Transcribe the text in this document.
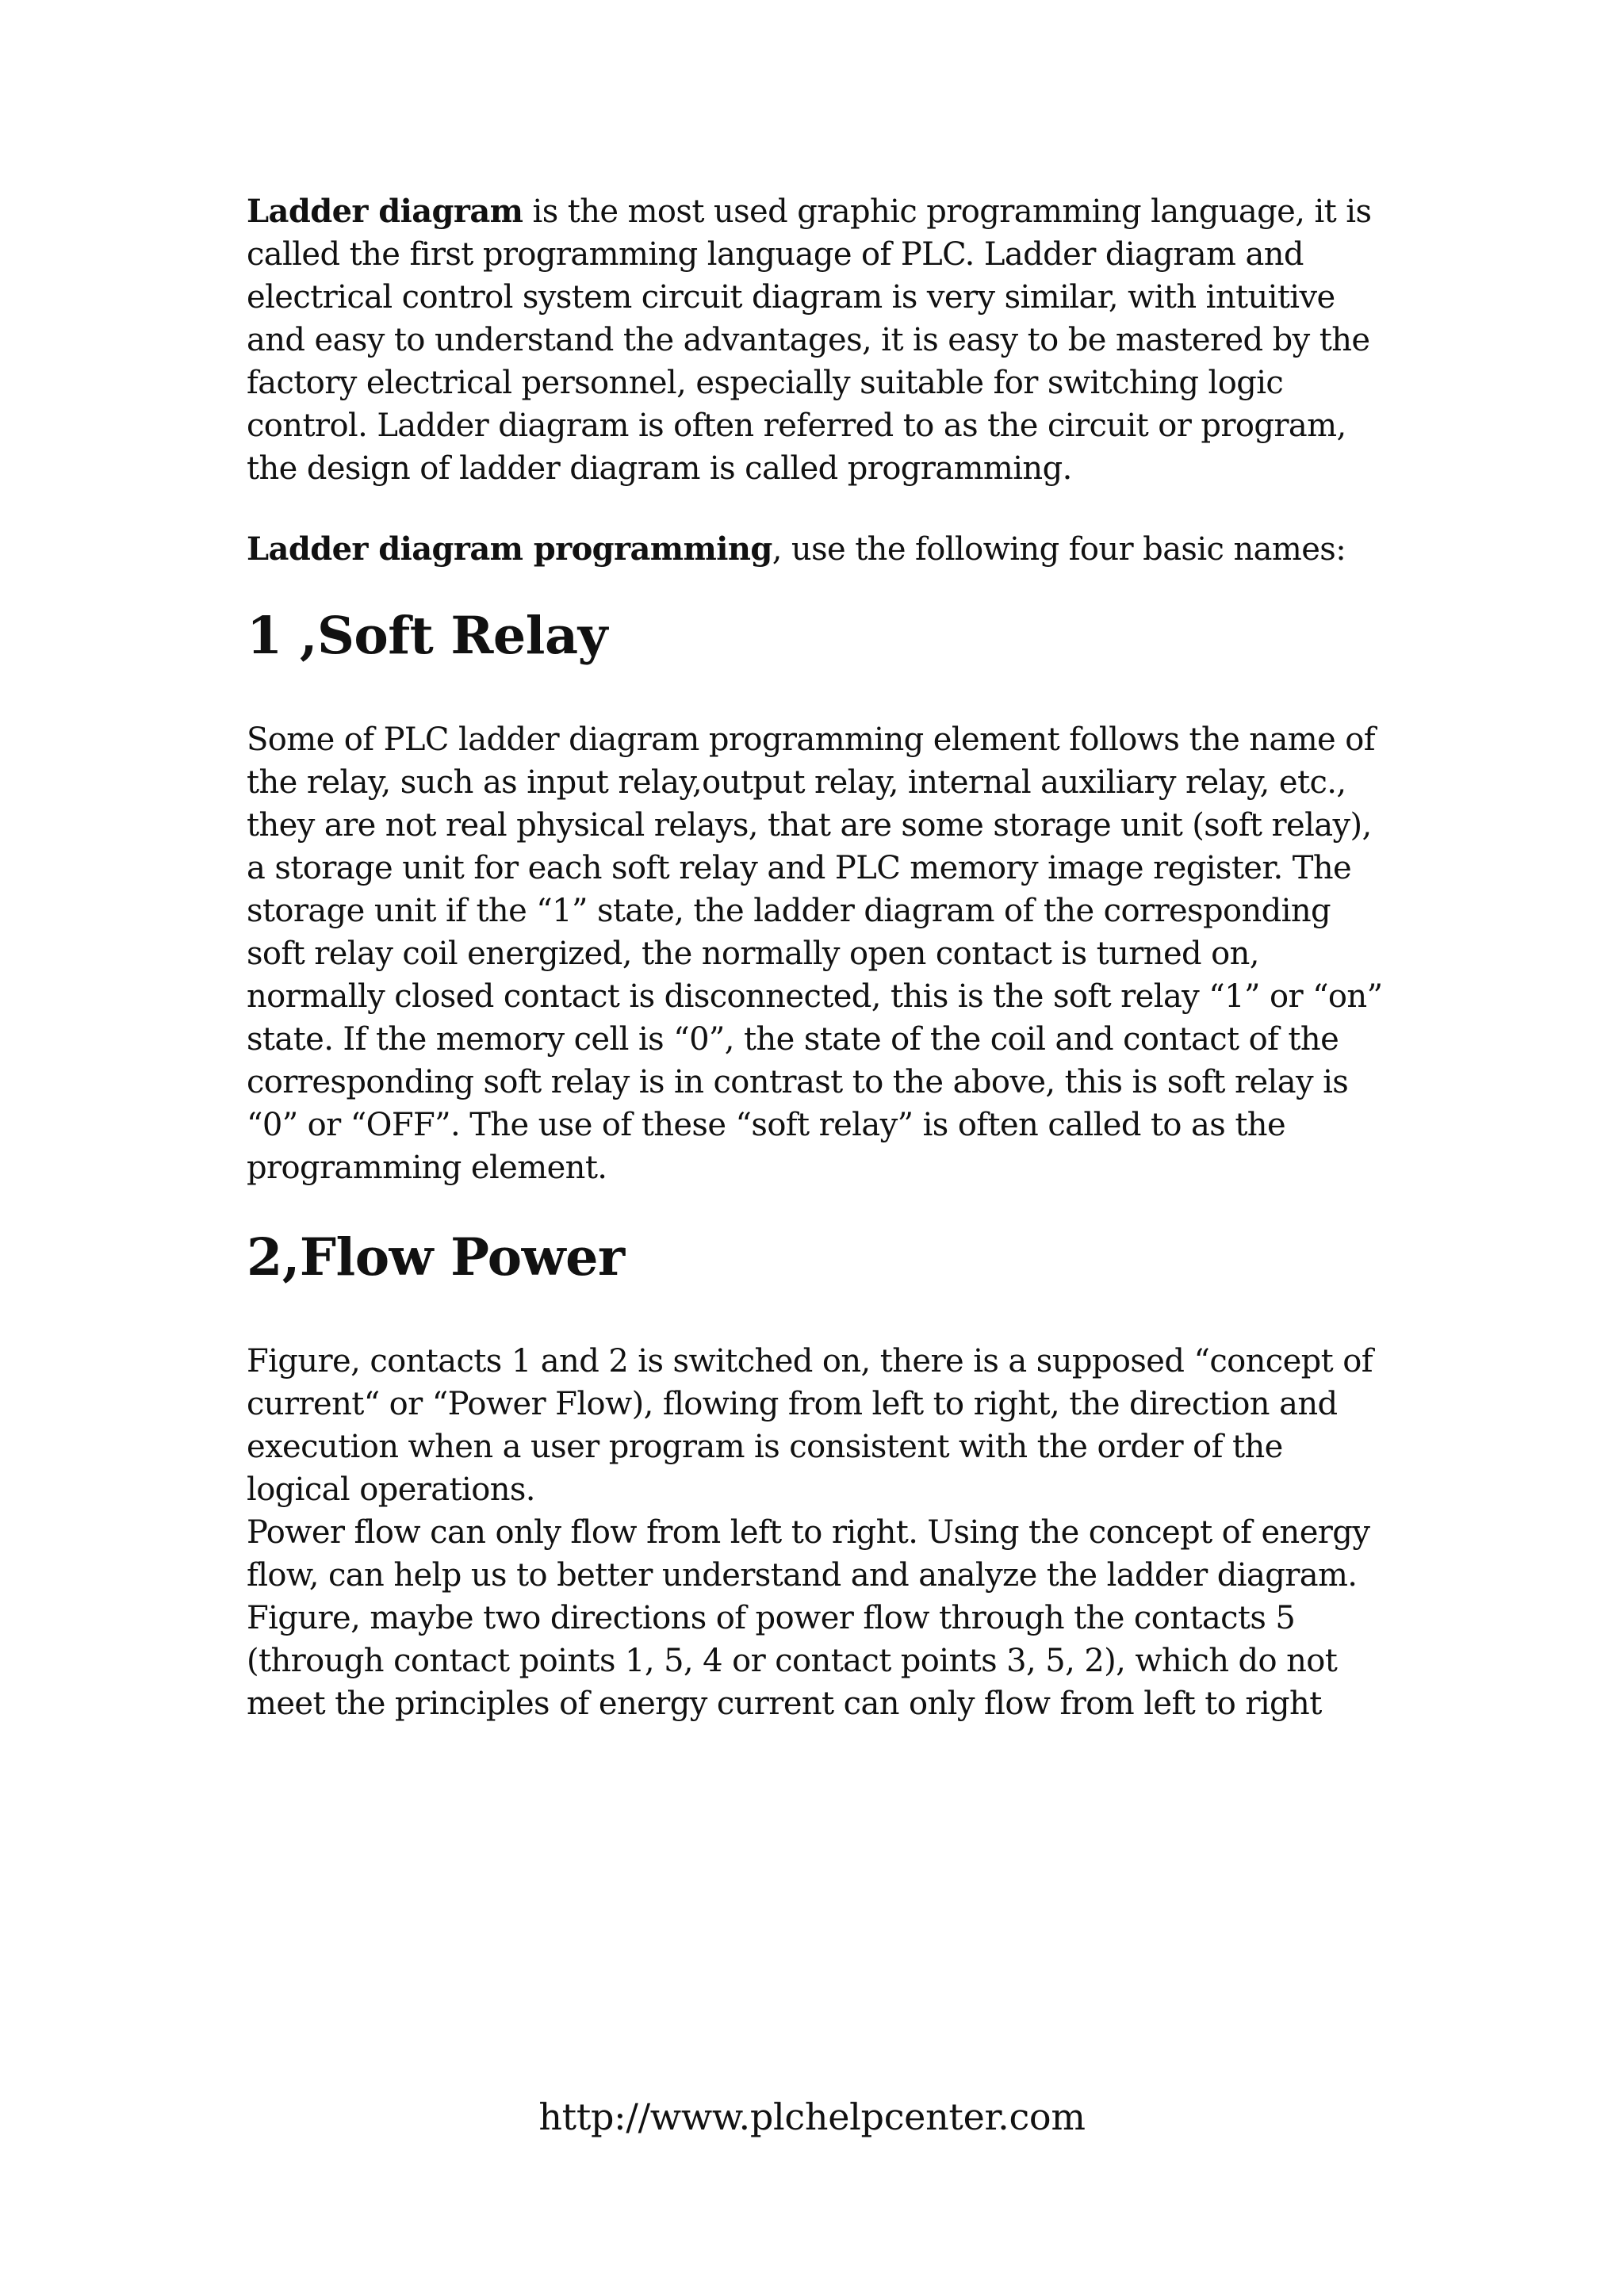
Ladder diagram is the most used graphic programming language, it is called the first programming language of PLC. Ladder diagram and electrical control system circuit diagram is very similar, with intuitive and easy to understand the advantages, it is easy to be mastered by the factory electrical personnel, especially suitable for switching logic control. Ladder diagram is often referred to as the circuit or program, the design of ladder diagram is called programming.

Ladder diagram programming, use the following four basic names:

1 ,Soft Relay

Some of PLC ladder diagram programming element follows the name of the relay, such as input relay,output relay, internal auxiliary relay, etc., they are not real physical relays, that are some storage unit (soft relay), a storage unit for each soft relay and PLC memory image register. The storage unit if the “1” state, the ladder diagram of the corresponding soft relay coil energized, the normally open contact is turned on, normally closed contact is disconnected, this is the soft relay “1” or “on” state. If the memory cell is “0”, the state of the coil and contact of the corresponding soft relay is in contrast to the above, this is soft relay is “0” or “OFF”. The use of these “soft relay” is often called to as the programming element.

2,Flow Power

Figure, contacts 1 and 2 is switched on, there is a supposed “concept of current“ or “Power Flow), flowing from left to right, the direction and execution when a user program is consistent with the order of the logical operations.

Power flow can only flow from left to right. Using the concept of energy flow, can help us to better understand and analyze the ladder diagram.

Figure, maybe two directions of power flow through the contacts 5 (through contact points 1, 5, 4 or contact points 3, 5, 2), which do not meet the principles of energy current can only flow from left to right

http://www.plchelpcenter.com
